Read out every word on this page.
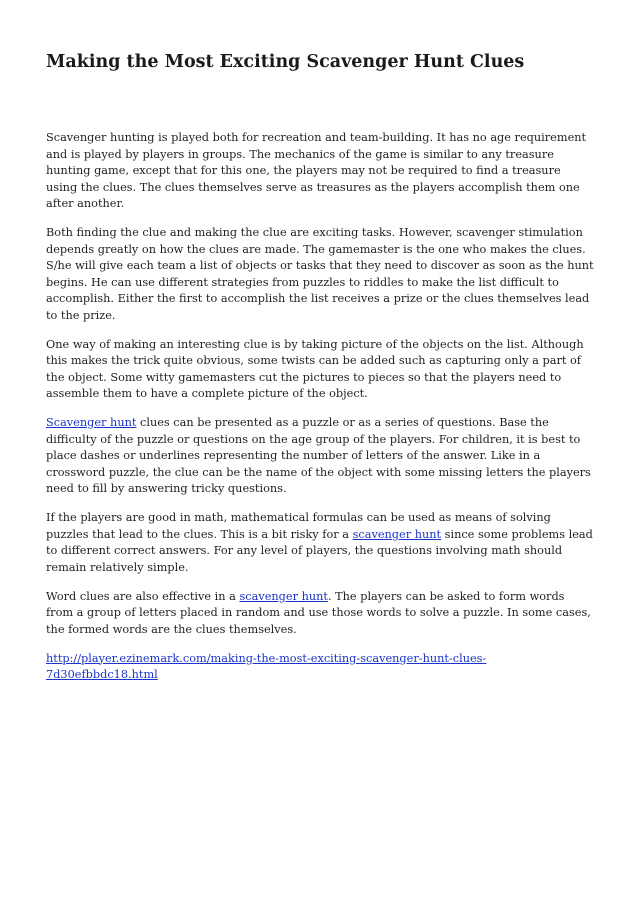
Making the Most Exciting Scavenger Hunt Clues

Scavenger hunting is played both for recreation and team-building. It has no age requirement and is played by players in groups. The mechanics of the game is similar to any treasure hunting game, except that for this one, the players may not be required to find a treasure using the clues. The clues themselves serve as treasures as the players accomplish them one after another.

Both finding the clue and making the clue are exciting tasks. However, scavenger stimulation depends greatly on how the clues are made. The gamemaster is the one who makes the clues. S/he will give each team a list of objects or tasks that they need to discover as soon as the hunt begins. He can use different strategies from puzzles to riddles to make the list difficult to accomplish. Either the first to accomplish the list receives a prize or the clues themselves lead to the prize.

One way of making an interesting clue is by taking picture of the objects on the list. Although this makes the trick quite obvious, some twists can be added such as capturing only a part of the object. Some witty gamemasters cut the pictures to pieces so that the players need to assemble them to have a complete picture of the object.

Scavenger hunt clues can be presented as a puzzle or as a series of questions. Base the difficulty of the puzzle or questions on the age group of the players. For children, it is best to place dashes or underlines representing the number of letters of the answer. Like in a crossword puzzle, the clue can be the name of the object with some missing letters the players need to fill by answering tricky questions.

If the players are good in math, mathematical formulas can be used as means of solving puzzles that lead to the clues. This is a bit risky for a scavenger hunt since some problems lead to different correct answers. For any level of players, the questions involving math should remain relatively simple.

Word clues are also effective in a scavenger hunt. The players can be asked to form words from a group of letters placed in random and use those words to solve a puzzle. In some cases, the formed words are the clues themselves.

http://player.ezinemark.com/making-the-most-exciting-scavenger-hunt-clues-7d30efbbdc18.html
